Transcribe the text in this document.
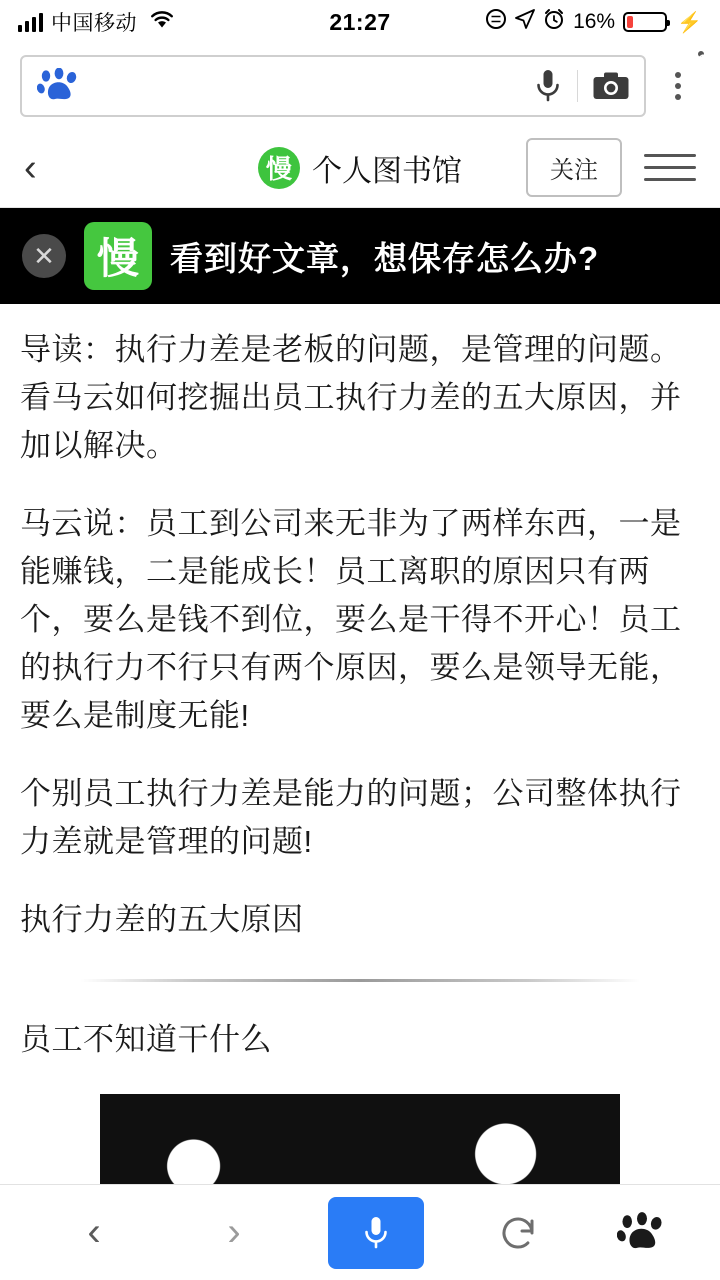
中国移动	21:27	16%	⚡
1
‹	慢 个人图书馆	关注
✕	慢 看到好文章，想保存怎么办?

导读：执行力差是老板的问题，是管理的问题。看马云如何挖掘出员工执行力差的五大原因，并加以解决。

马云说：员工到公司来无非为了两样东西，一是能赚钱，二是能成长！员工离职的原因只有两个，要么是钱不到位，要么是干得不开心！员工的执行力不行只有两个原因，要么是领导无能，要么是制度无能!

个别员工执行力差是能力的问题；公司整体执行力差就是管理的问题!

执行力差的五大原因

员工不知道干什么

‹	›
